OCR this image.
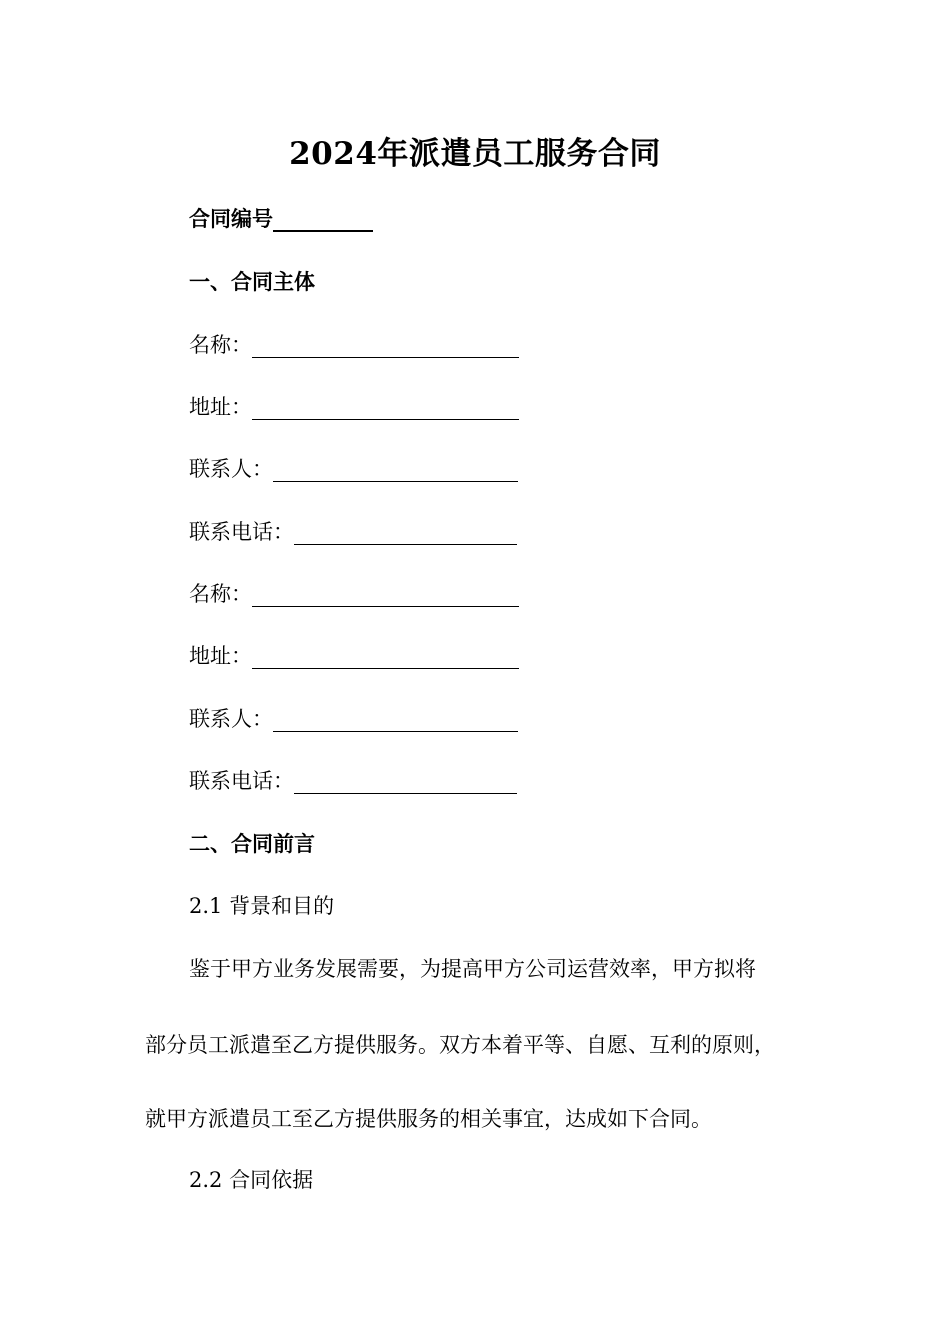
2024年派遣员工服务合同
合同编号
一、合同主体
名称：
地址：
联系人：
联系电话：
名称：
地址：
联系人：
联系电话：
二、合同前言
2.1 背景和目的
鉴于甲方业务发展需要，为提高甲方公司运营效率，甲方拟将
部分员工派遣至乙方提供服务。双方本着平等、自愿、互利的原则，
就甲方派遣员工至乙方提供服务的相关事宜，达成如下合同。
2.2 合同依据
